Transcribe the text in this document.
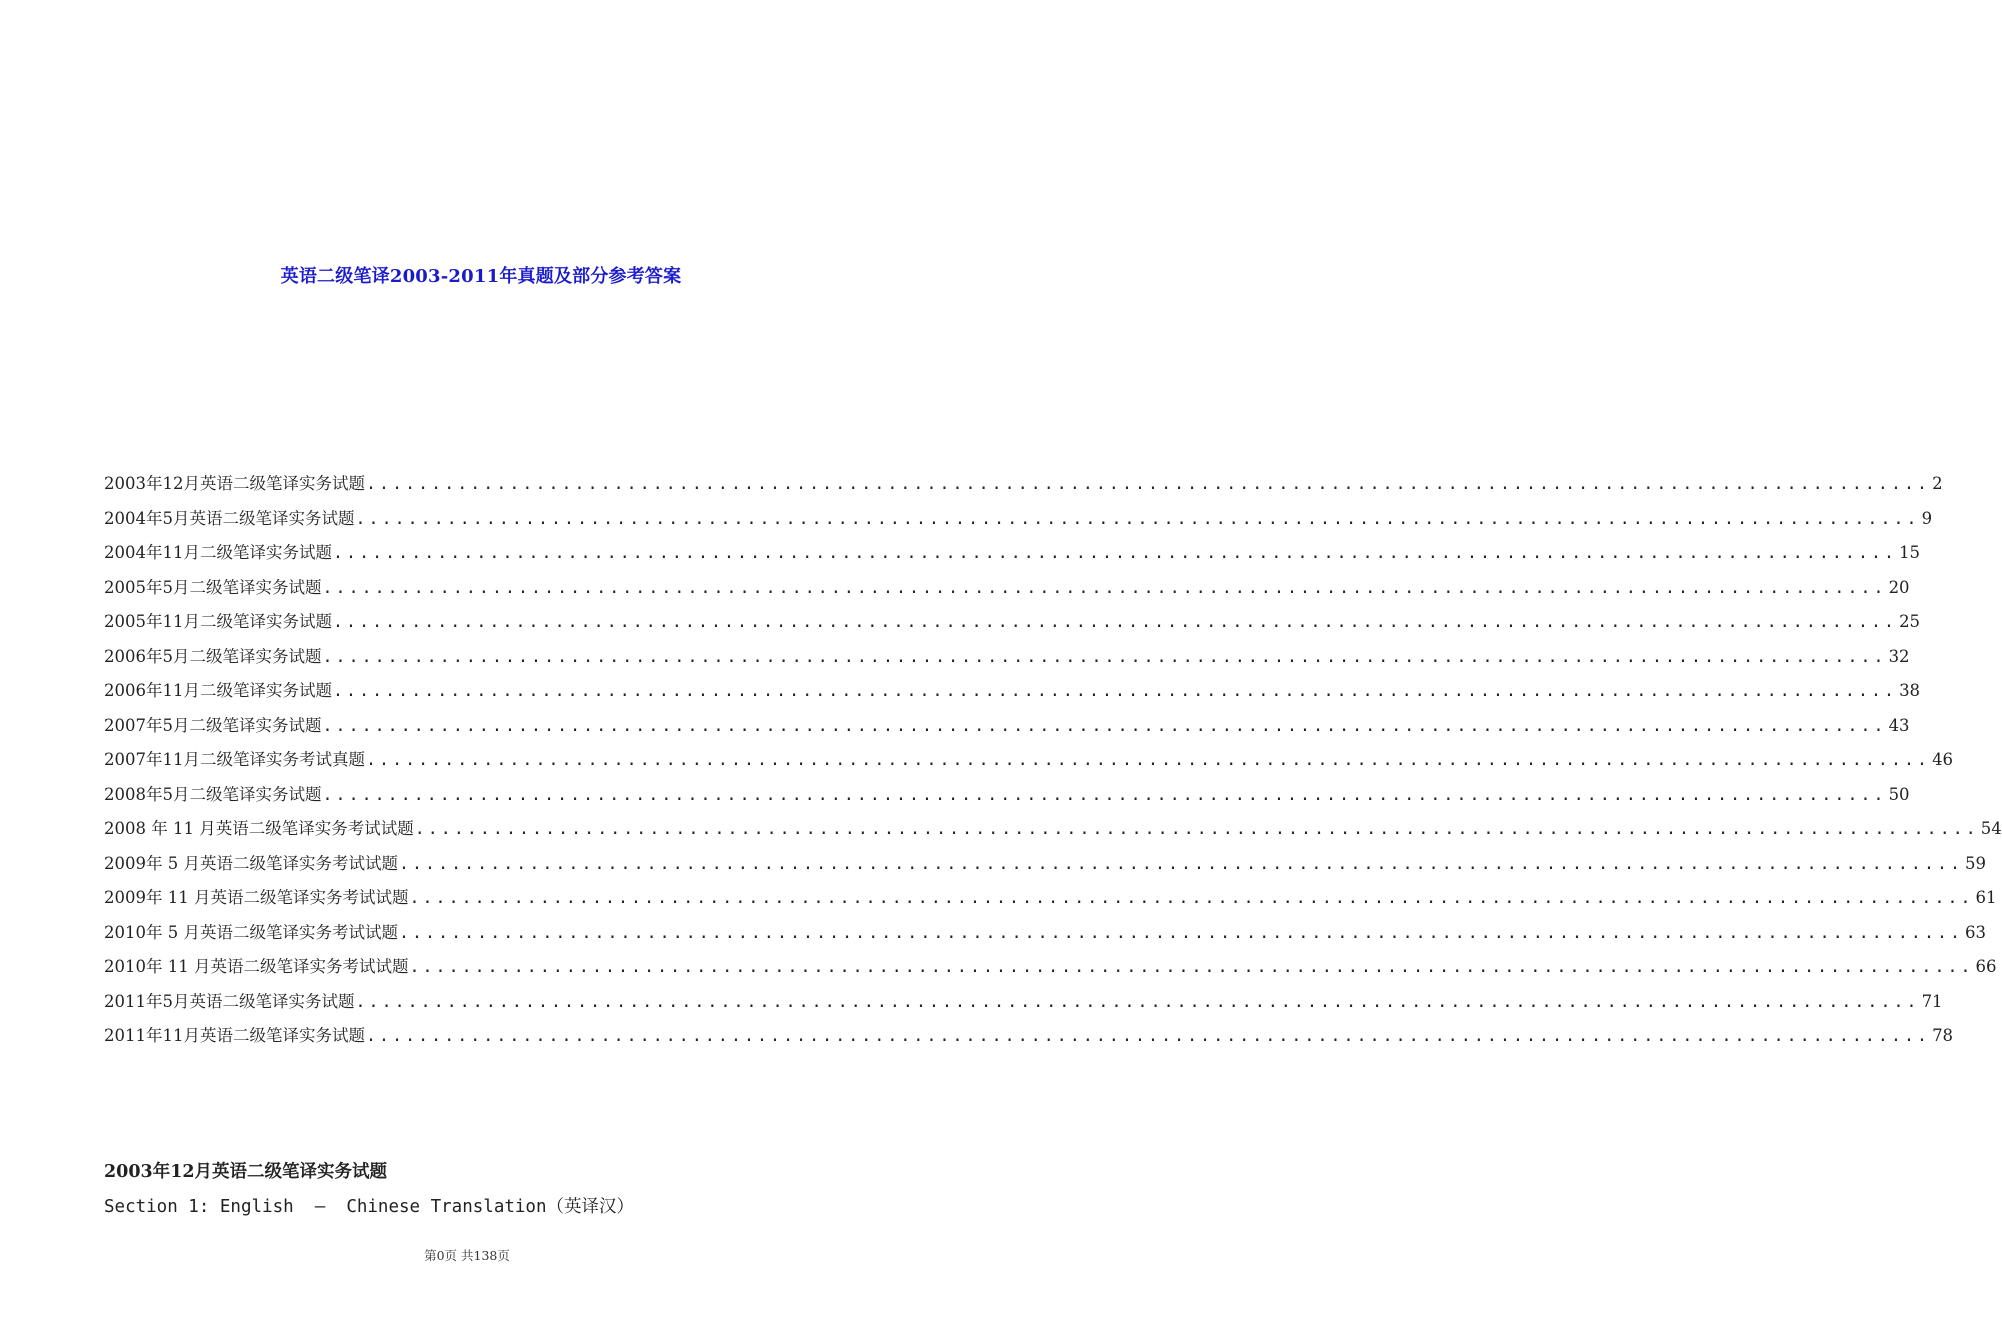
英语二级笔译2003-2011年真题及部分参考答案
2003年12月英语二级笔译实务试题 ........................................................................................................................ 2
2004年5月英语二级笔译实务试题 ........................................................................................................................ 9
2004年11月二级笔译实务试题 ........................................................................................................................ 15
2005年5月二级笔译实务试题 ........................................................................................................................ 20
2005年11月二级笔译实务试题 ........................................................................................................................ 25
2006年5月二级笔译实务试题 ........................................................................................................................ 32
2006年11月二级笔译实务试题 ........................................................................................................................ 38
2007年5月二级笔译实务试题 ........................................................................................................................ 43
2007年11月二级笔译实务考试真题 ........................................................................................................................ 46
2008年5月二级笔译实务试题 ........................................................................................................................ 50
2008 年 11 月英语二级笔译实务考试试题 ........................................................................................................................ 54
2009年 5 月英语二级笔译实务考试试题 ........................................................................................................................ 59
2009年 11 月英语二级笔译实务考试试题 ........................................................................................................................ 61
2010年 5 月英语二级笔译实务考试试题 ........................................................................................................................ 63
2010年 11 月英语二级笔译实务考试试题 ........................................................................................................................ 66
2011年5月英语二级笔译实务试题 ........................................................................................................................ 71
2011年11月英语二级笔译实务试题 ........................................................................................................................ 78
2003年12月英语二级笔译实务试题
Section 1: English  –  Chinese Translation（英译汉）
第0页 共138页
